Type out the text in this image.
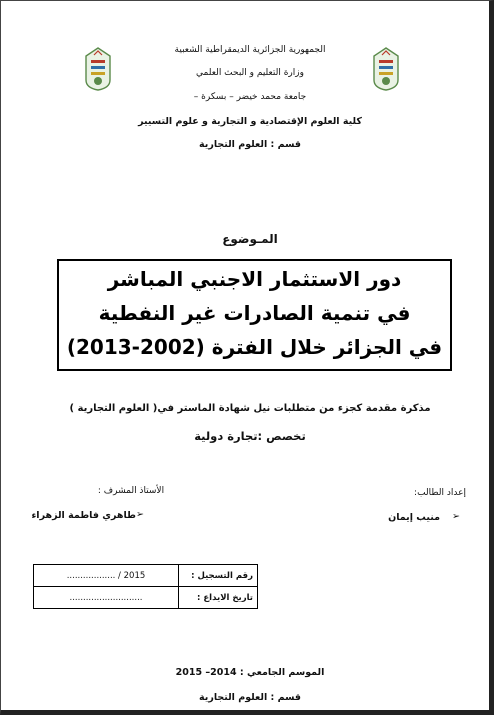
الجمهورية الجزائرية الديمقراطية الشعبية
وزارة التعليم و البحث العلمي
جامعة محمد خيضر – بسكرة –
كلية العلوم الإقتصادية و التجارية و علوم التسيير
قسم : العلوم التجارية
المـوضوع
دور الاستثمار الاجنبي المباشر
في تنمية الصادرات غير النفطية
في الجزائر خلال الفترة (2002-2013)
مذكرة مقدمة كجزء من متطلبات نيل شهادة الماستر في( العلوم التجارية )
تخصص :تجارة دولية
إعداد الطالب:
منيب إيمان ➢
الأستاذ المشرف :
طاهري فاطمة الزهراء ➢
رقم التسجيل :	2015 / ..................
تاريخ الايداع :	...........................
الموسم الجامعي : 2014– 2015
قسم : العلوم التجارية
